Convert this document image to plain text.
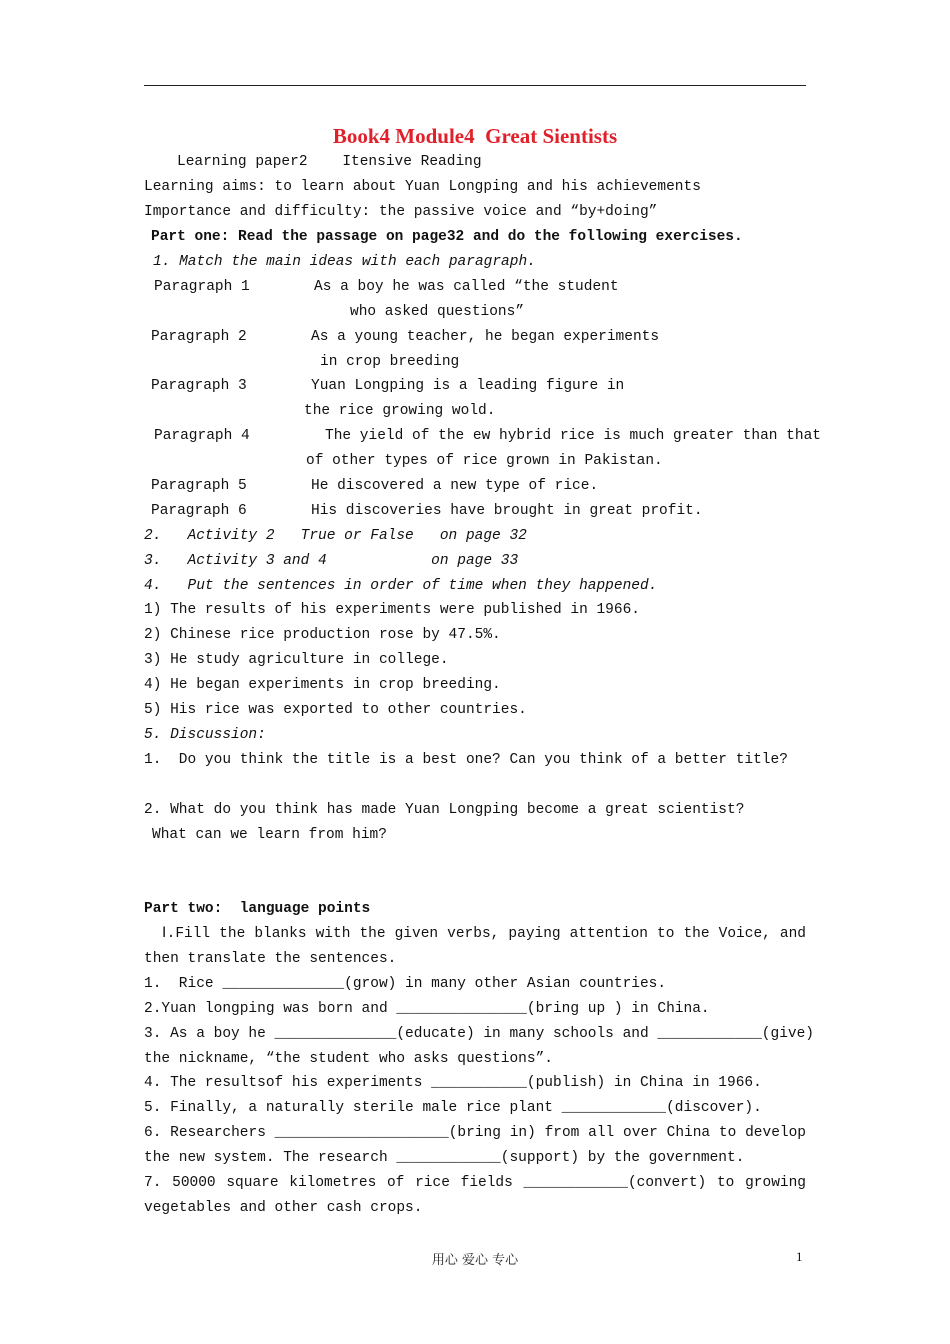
Book4 Module4  Great Sientists
Learning paper2    Itensive Reading
Learning aims: to learn about Yuan Longping and his achievements
Importance and difficulty: the passive voice and “by+doing”
Part one: Read the passage on page32 and do the following exercises.
1. Match the main ideas with each paragraph.
Paragraph 1	As a boy he was called “the student
who asked questions”
Paragraph 2	As a young teacher, he began experiments
in crop breeding
Paragraph 3	Yuan Longping is a leading figure in
the rice growing wold.
Paragraph 4	The yield of the ew hybrid rice is much greater than that
of other types of rice grown in Pakistan.
Paragraph 5	He discovered a new type of rice.
Paragraph 6	His discoveries have brought in great profit.
2.   Activity 2   True or False   on page 32
3.   Activity 3 and 4            on page 33
4.   Put the sentences in order of time when they happened.
1) The results of his experiments were published in 1966.
2) Chinese rice production rose by 47.5%.
3) He study agriculture in college.
4) He began experiments in crop breeding.
5) His rice was exported to other countries.
5. Discussion:
1.  Do you think the title is a best one? Can you think of a better title?
2. What do you think has made Yuan Longping become a great scientist?
What can we learn from him?
Part two:  language points
Ⅰ.Fill the blanks with the given verbs, paying attention to the Voice, and
then translate the sentences.
1.  Rice ______________(grow) in many other Asian countries.
2.Yuan longping was born and _______________(bring up ) in China.
3. As a boy he ______________(educate) in many schools and ____________(give)
the nickname, “the student who asks questions”.
4. The resultsof his experiments ___________(publish) in China in 1966.
5. Finally, a naturally sterile male rice plant ____________(discover).
6. Researchers ____________________(bring in) from all over China to develop
the new system. The research ____________(support) by the government.
7. 50000 square kilometres of rice fields ____________(convert) to growing
vegetables and other cash crops.
用心 爱心 专心	1
